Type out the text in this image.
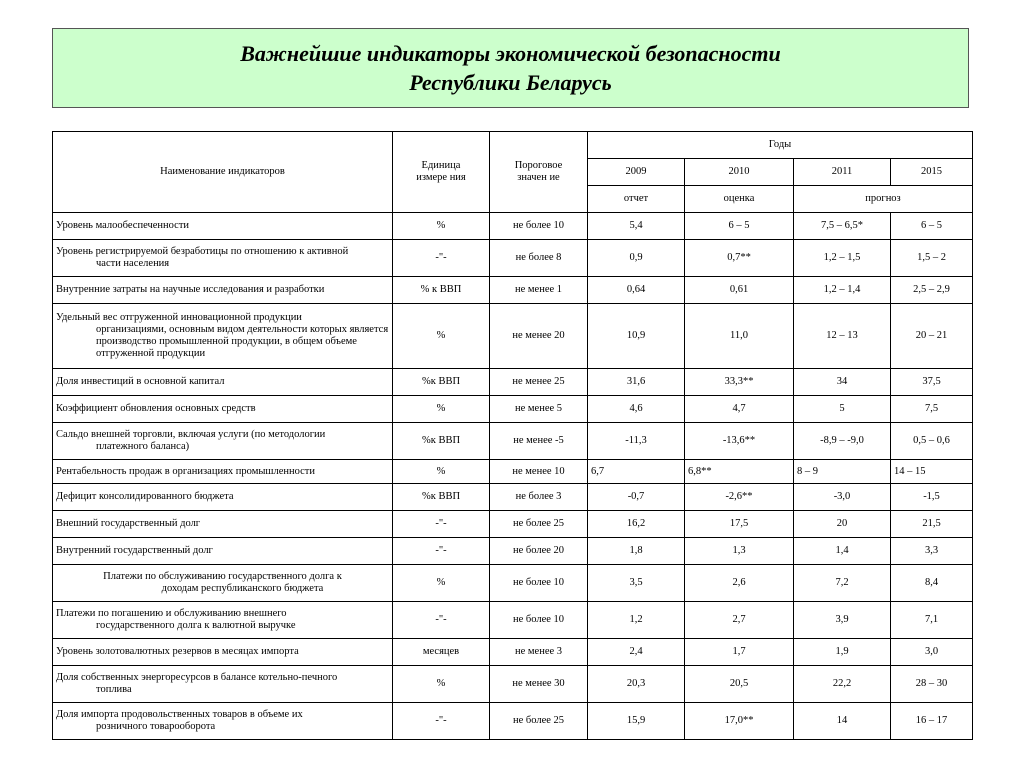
Важнейшие индикаторы экономической безопасности
Республики Беларусь
Наименование индикаторов	Единица измере ния	Пороговое значен ие	Годы			
			2009	2010	2011	2015
			отчет	оценка	прогноз	

Уровень малообеспеченности	%	не более 10	5,4	6 – 5	7,5 – 6,5*	6 – 5

Уровень регистрируемой безработицы по отношению к активной
части населения	-"-	не более 8	0,9	0,7**	1,2 – 1,5	1,5 – 2

Внутренние затраты на научные исследования и разработки	% к ВВП	не менее 1	0,64	0,61	1,2 – 1,4	2,5 – 2,9

Удельный вес отгруженной инновационной продукции
организациями, основным видом деятельности которых является производство промышленной продукции, в общем объеме отгруженной продукции	%	не менее 20	10,9	11,0	12 – 13	20 – 21

Доля инвестиций в основной капитал	%к ВВП	не менее 25	31,6	33,3**	34	37,5

Коэффициент обновления основных средств	%	не менее 5	4,6	4,7	5	7,5

Сальдо внешней торговли, включая услуги (по методологии
платежного баланса)	%к ВВП	не менее -5	-11,3	-13,6**	-8,9 – -9,0	0,5 – 0,6

Рентабельность продаж в организациях промышленности	%	не менее 10	6,7	6,8**	8 – 9	14 – 15

Дефицит консолидированного бюджета	%к ВВП	не более 3	-0,7	-2,6**	-3,0	-1,5

Внешний государственный долг	-"-	не более 25	16,2	17,5	20	21,5

Внутренний государственный долг	-"-	не более 20	1,8	1,3	1,4	3,3

Платежи по обслуживанию государственного долга к
доходам республиканского бюджета	%	не более 10	3,5	2,6	7,2	8,4

Платежи по погашению и обслуживанию внешнего
государственного долга к валютной выручке	-"-	не более 10	1,2	2,7	3,9	7,1

Уровень золотовалютных резервов в месяцах импорта	месяцев	не менее 3	2,4	1,7	1,9	3,0

Доля собственных энергоресурсов в балансе котельно-печного
топлива	%	не менее 30	20,3	20,5	22,2	28 – 30

Доля импорта продовольственных товаров в объеме их
розничного товарооборота	-"-	не более 25	15,9	17,0**	14	16 – 17
